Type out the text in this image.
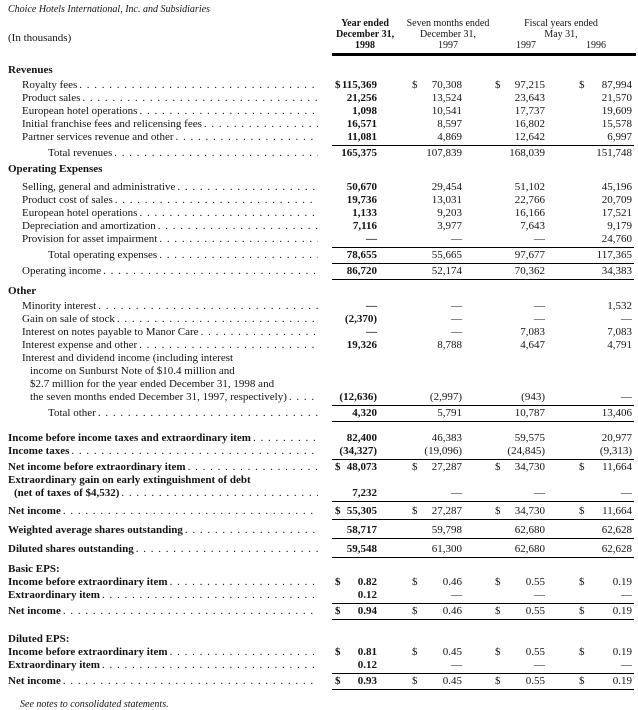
Choice Hotels International, Inc. and Subsidiaries
(In thousands)
Year ended	Seven months ended	Fiscal years ended
December 31,	December 31,	May 31,
1998	1997	1997	1996
Revenues
Royalty fees . . .	$ 115,369	$ 70,308	$ 97,215	$ 87,994
Product sales . . .	21,256	13,524	23,643	21,570
European hotel operations . . .	1,098	10,541	17,737	19,609
Initial franchise fees and relicensing fees . . .	16,571	8,597	16,802	15,578
Partner services revenue and other . . .	11,081	4,869	12,642	6,997
Total revenues . . .	165,375	107,839	168,039	151,748
Operating Expenses
Selling, general and administrative . . .	50,670	29,454	51,102	45,196
Product cost of sales . . .	19,736	13,031	22,766	20,709
European hotel operations . . .	1,133	9,203	16,166	17,521
Depreciation and amortization . . .	7,116	3,977	7,643	9,179
Provision for asset impairment . . .	—	—	—	24,760
Total operating expenses . . .	78,655	55,665	97,677	117,365
Operating income . . .	86,720	52,174	70,362	34,383
Other
Minority interest . . .	—	—	—	1,532
Gain on sale of stock . . .	(2,370)	—	—	—
Interest on notes payable to Manor Care . . .	—	—	7,083	7,083
Interest expense and other . . .	19,326	8,788	4,647	4,791
Interest and dividend income (including interest
income on Sunburst Note of $10.4 million and
$2.7 million for the year ended December 31, 1998 and
the seven months ended December 31, 1997, respectively) . . .	(12,636)	(2,997)	(943)	—
Total other . . .	4,320	5,791	10,787	13,406
Income before income taxes and extraordinary item . . .	82,400	46,383	59,575	20,977
Income taxes . . .	(34,327)	(19,096)	(24,845)	(9,313)
Net income before extraordinary item . . .	$ 48,073	$ 27,287	$ 34,730	$ 11,664
Extraordinary gain on early extinguishment of debt
(net of taxes of $4,532) . . .	7,232	—	—	—
Net income . . .	$ 55,305	$ 27,287	$ 34,730	$ 11,664
Weighted average shares outstanding . . .	58,717	59,798	62,680	62,628
Diluted shares outstanding . . .	59,548	61,300	62,680	62,628
Basic EPS:
Income before extraordinary item . . .	$ 0.82	$ 0.46	$ 0.55	$	0.19
Extraordinary item . . .	0.12	—	—	—
Net income . . .	$ 0.94	$ 0.46	$ 0.55	$	0.19
Diluted EPS:
Income before extraordinary item . . .	$ 0.81	$ 0.45	$ 0.55	$	0.19
Extraordinary item . . .	0.12	—	—	—
Net income . . .	$ 0.93	$ 0.45	$ 0.55	$	0.19
See notes to consolidated statements.
